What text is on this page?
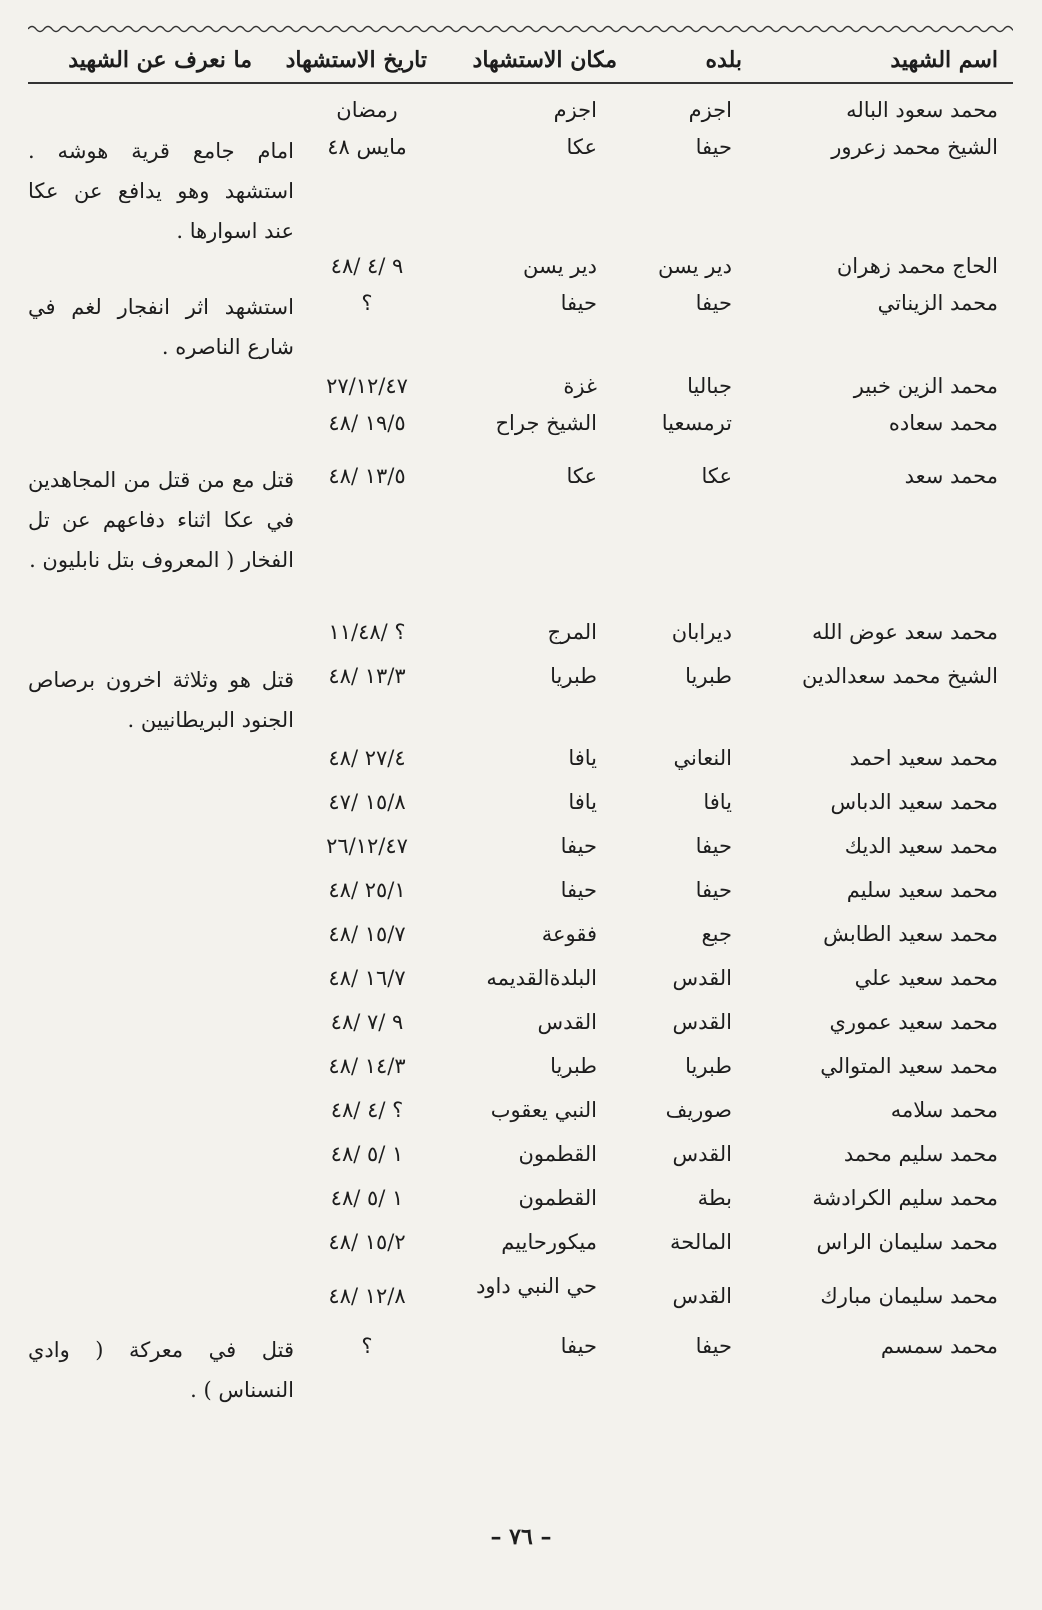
اسم الشهيد
بلده
مكان الاستشهاد
تاريخ الاستشهاد
ما نعرف عن الشهيد
محمد سعود الباله
اجزم
اجزم
رمضان
الشيخ محمد زعرور
حيفا
عكا
مايس ٤٨
امام جامع قرية هوشه . استشهد وهو يدافع عن عكا عند اسوارها .
الحاج محمد زهران
دير يسن
دير يسن
٩ /٤ /٤٨
محمد الزيناتي
حيفا
حيفا
؟
استشهد اثر انفجار لغم في شارع الناصره .
محمد الزين خبير
جباليا
غزة
٢٧/١٢/٤٧
محمد سعاده
ترمسعيا
الشيخ جراح
١٩/٥ /٤٨
محمد سعد
عكا
عكا
١٣/٥ /٤٨
قتل مع من قتل من المجاهدين في عكا اثناء دفاعهم عن تل الفخار ( المعروف بتل نابليون .
محمد سعد عوض الله
ديرابان
المرج
؟ /١١/٤٨
الشيخ محمد سعدالدين
طبريا
طبريا
١٣/٣ /٤٨
قتل هو وثلاثة اخرون برصاص الجنود البريطانيين .
محمد سعيد احمد
النعاني
يافا
٢٧/٤ /٤٨
محمد سعيد الدباس
يافا
يافا
١٥/٨ /٤٧
محمد سعيد الديك
حيفا
حيفا
٢٦/١٢/٤٧
محمد سعيد سليم
حيفا
حيفا
٢٥/١ /٤٨
محمد سعيد الطابش
جبع
فقوعة
١٥/٧ /٤٨
محمد سعيد علي
القدس
البلدةالقديمه
١٦/٧ /٤٨
محمد سعيد عموري
القدس
القدس
٩ /٧ /٤٨
محمد سعيد المتوالي
طبريا
طبريا
١٤/٣ /٤٨
محمد سلامه
صوريف
النبي يعقوب
؟ /٤ /٤٨
محمد سليم محمد
القدس
القطمون
١ /٥ /٤٨
محمد سليم الكرادشة
بطة
القطمون
١ /٥ /٤٨
محمد سليمان الراس
المالحة
ميكورحاييم
١٥/٢ /٤٨
محمد سليمان مبارك
القدس
حي النبي داود
١٢/٨ /٤٨
محمد سمسم
حيفا
حيفا
؟
قتل في معركة ( وادي النسناس ) .
– ٧٦ –
